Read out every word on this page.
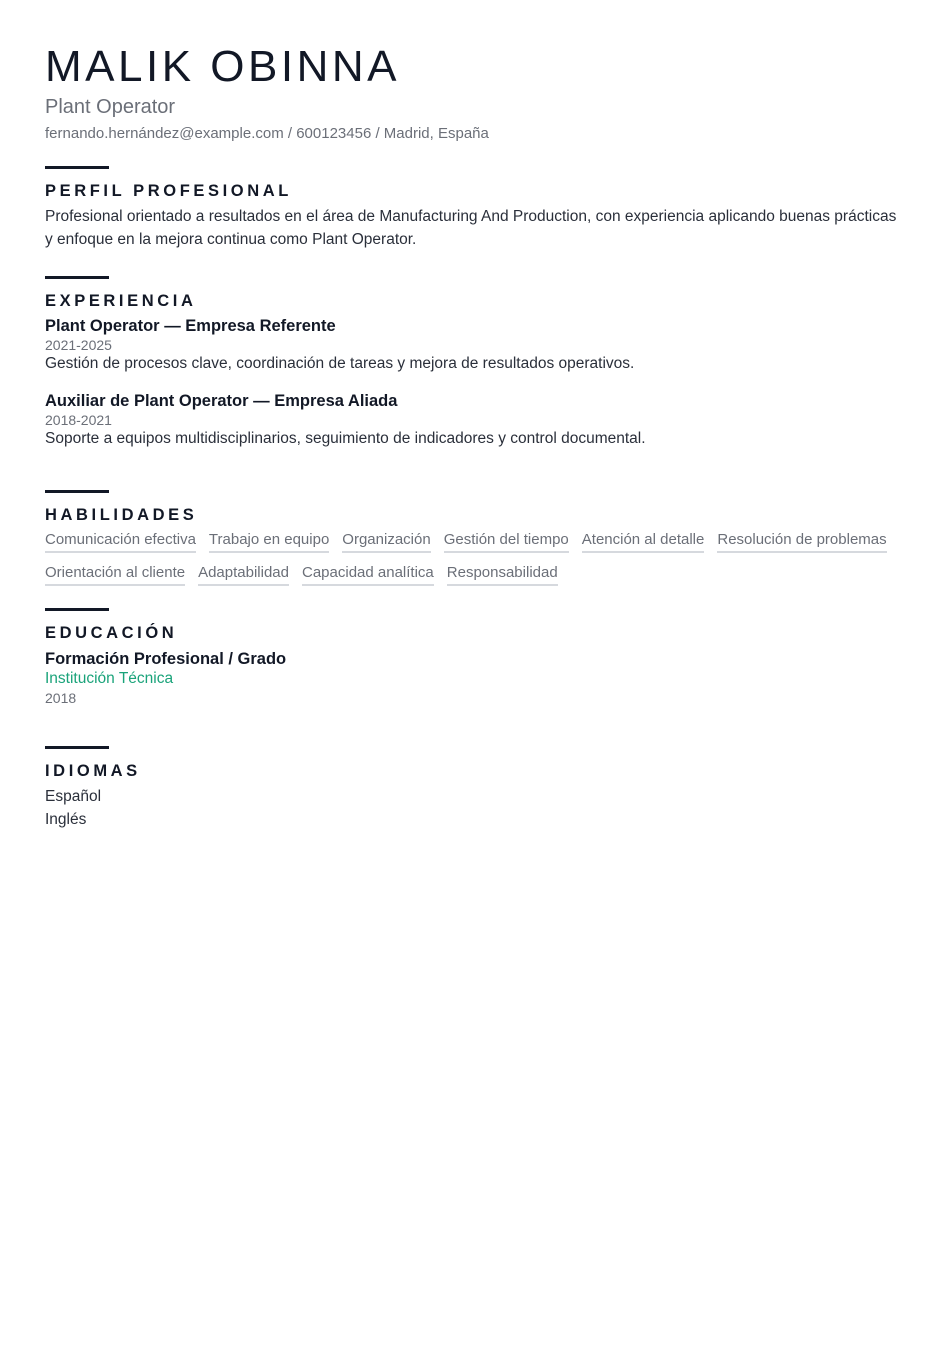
MALIK OBINNA
Plant Operator
fernando.hernández@example.com / 600123456 / Madrid, España
PERFIL PROFESIONAL
Profesional orientado a resultados en el área de Manufacturing And Production, con experiencia aplicando buenas prácticas y enfoque en la mejora continua como Plant Operator.
EXPERIENCIA
Plant Operator — Empresa Referente
2021-2025
Gestión de procesos clave, coordinación de tareas y mejora de resultados operativos.
Auxiliar de Plant Operator — Empresa Aliada
2018-2021
Soporte a equipos multidisciplinarios, seguimiento de indicadores y control documental.
HABILIDADES
Comunicación efectiva Trabajo en equipo Organización Gestión del tiempo Atención al detalle Resolución de problemas
Orientación al cliente Adaptabilidad Capacidad analítica Responsabilidad
EDUCACIÓN
Formación Profesional / Grado
Institución Técnica
2018
IDIOMAS
Español
Inglés
